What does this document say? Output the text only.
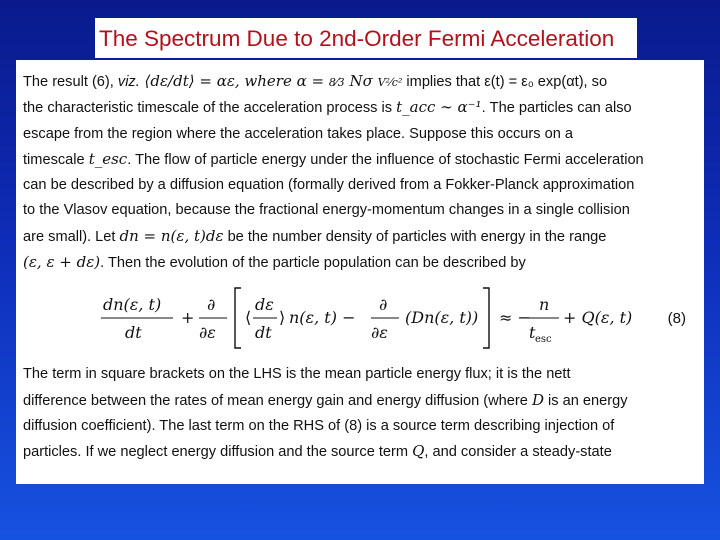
The Spectrum Due to 2nd-Order Fermi Acceleration

The result (6), viz. ⟨dε/dt⟩ = αε, where α = 8⁄3 Nσ V²⁄c² implies that ε(t) = ε₀ exp(αt), so
the characteristic timescale of the acceleration process is t_acc ∼ α⁻¹. The particles can also
escape from the region where the acceleration takes place. Suppose this occurs on a
timescale t_esc. The flow of particle energy under the influence of stochastic Fermi acceleration
can be described by a diffusion equation (formally derived from a Fokker-Planck approximation
to the Vlasov equation, because the fractional energy-momentum changes in a single collision
are small). Let dn = n(ε, t)dε be the number density of particles with energy in the range
(ε, ε + dε). Then the evolution of the particle population can be described by

dn(ε, t)
dt
+
∂
∂ε
⟨
dε
dt
⟩ n(ε, t) −
∂
∂ε
(Dn(ε, t)) ≈ −
n
t esc
+ Q(ε, t) (8)

The term in square brackets on the LHS is the mean particle energy flux; it is the nett
difference between the rates of mean energy gain and energy diffusion (where D is an energy
diffusion coefficient). The last term on the RHS of (8) is a source term describing injection of
particles. If we neglect energy diffusion and the source term Q, and consider a steady-state
